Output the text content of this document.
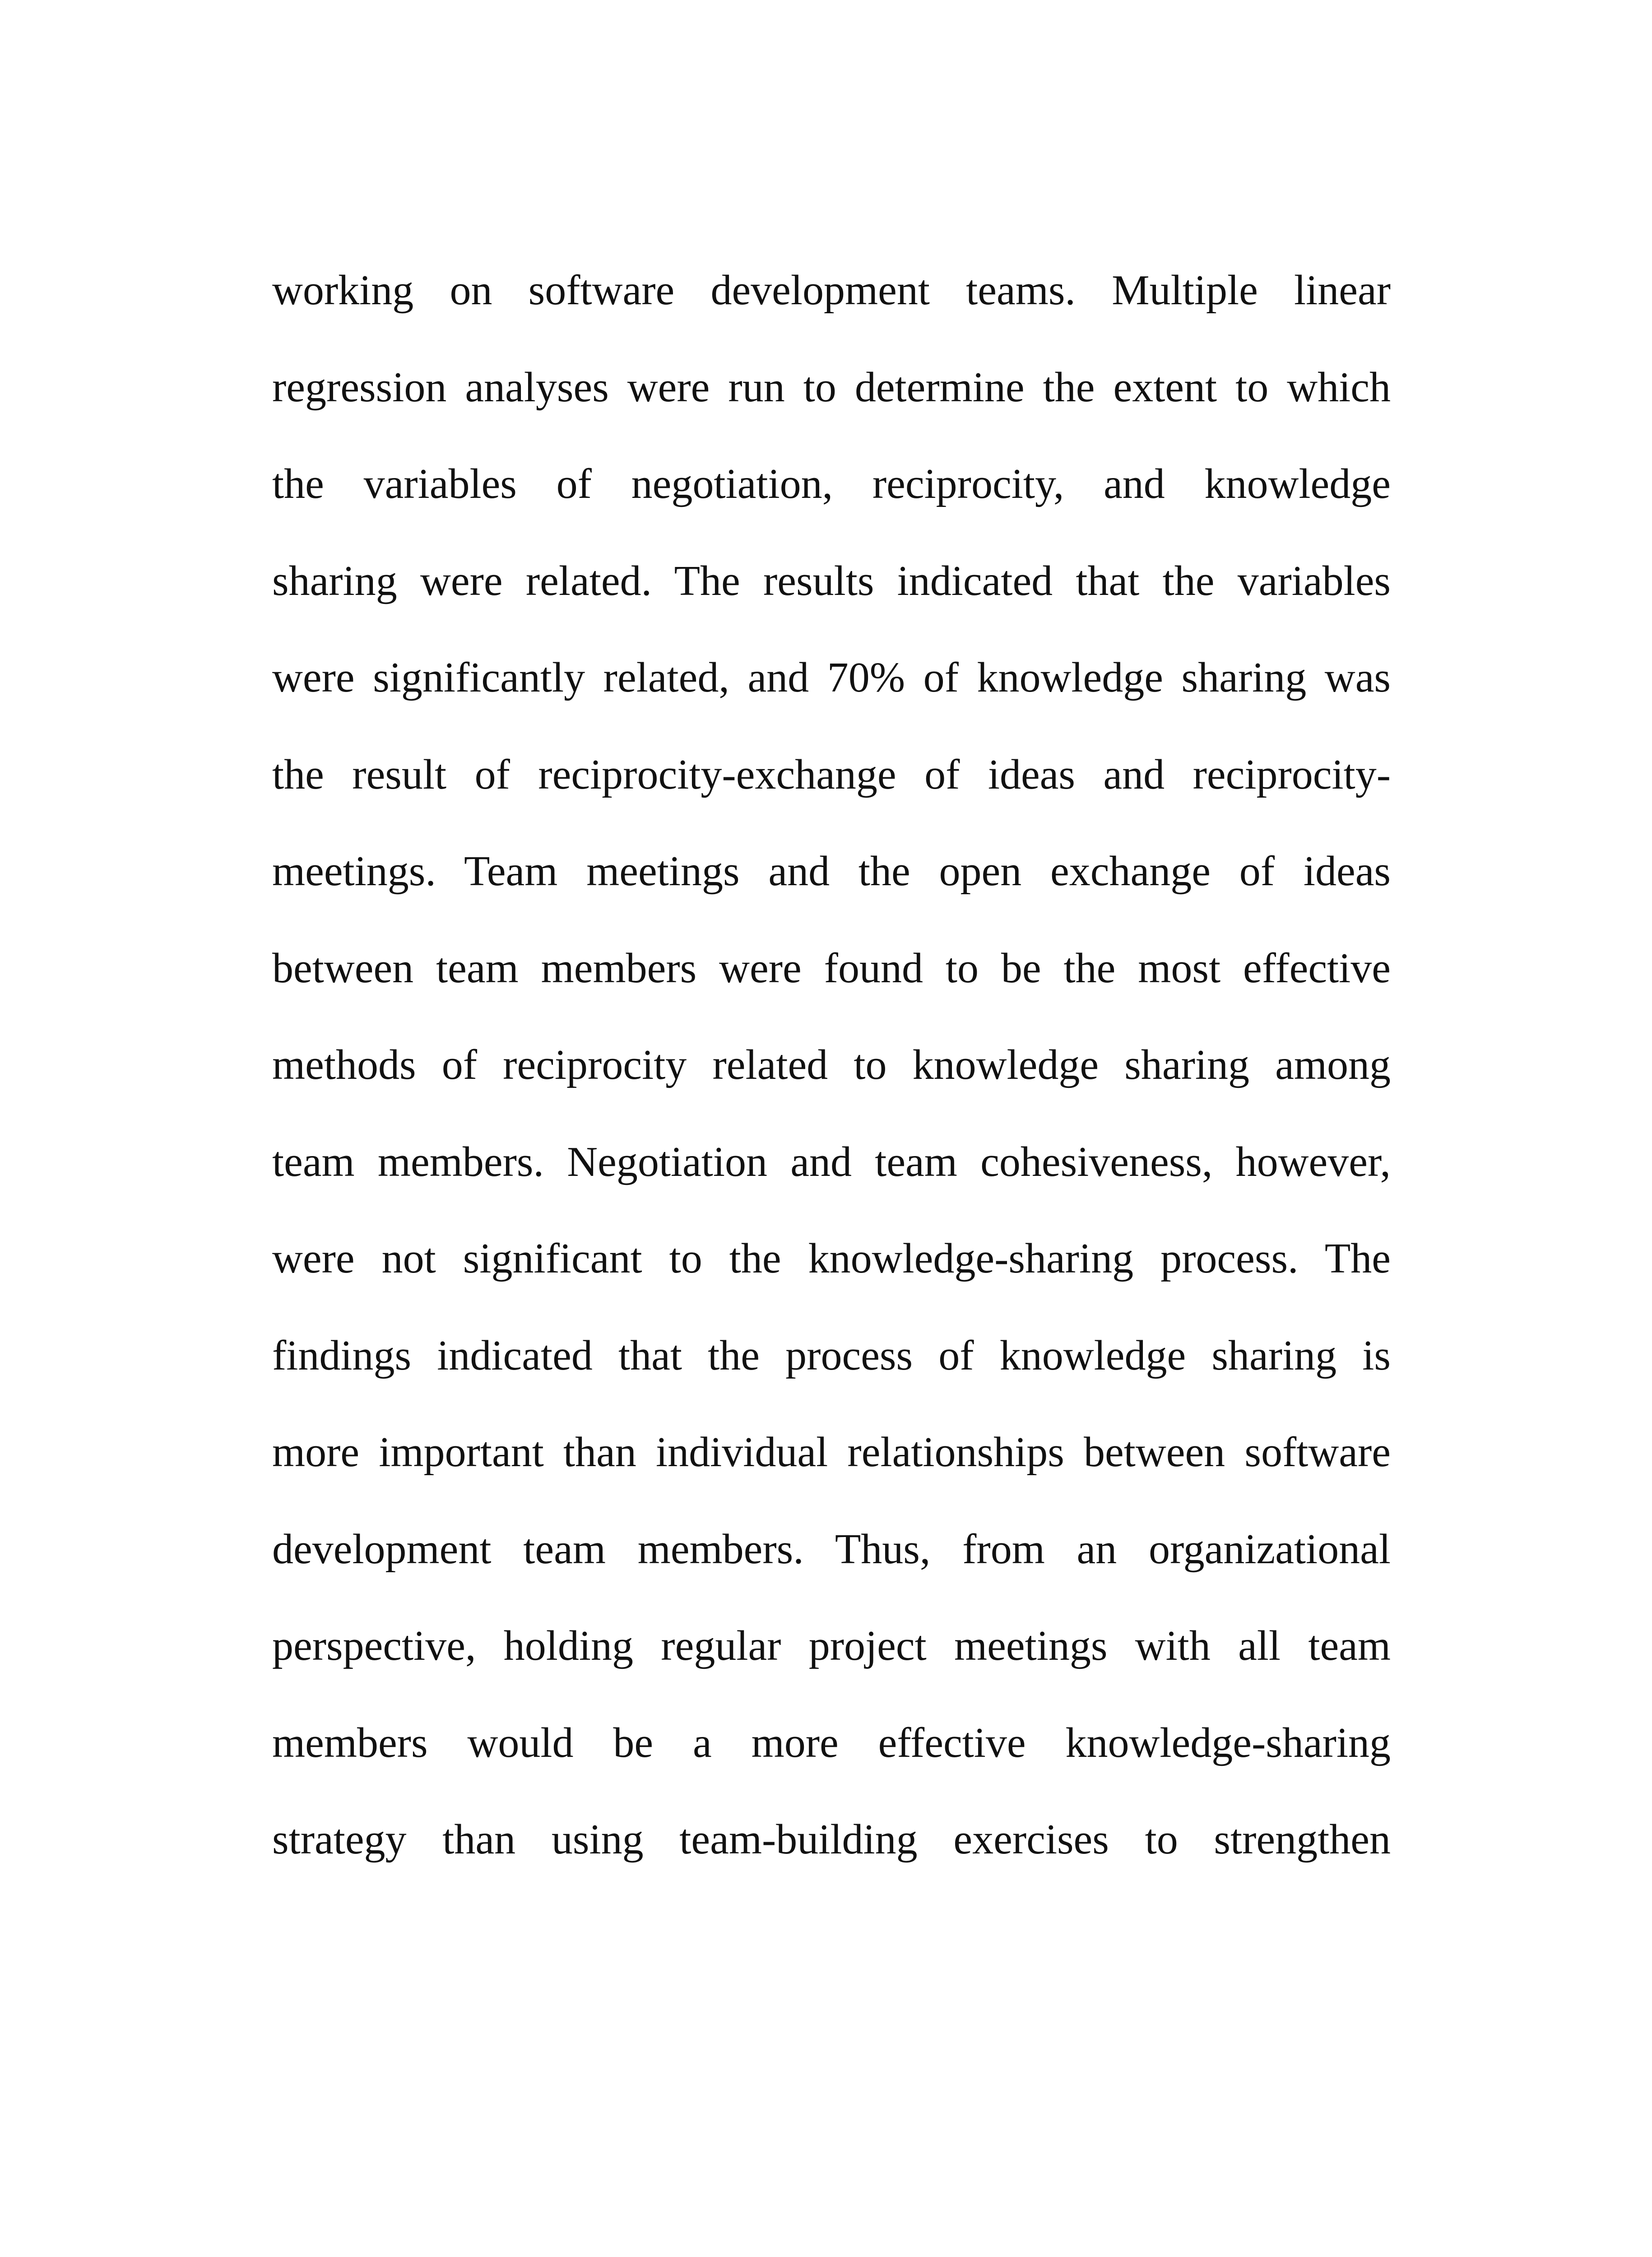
working on software development teams. Multiple linear
regression analyses were run to determine the extent to which
the variables of negotiation, reciprocity, and knowledge
sharing were related. The results indicated that the variables
were significantly related, and 70% of knowledge sharing was
the result of reciprocity-exchange of ideas and reciprocity-
meetings. Team meetings and the open exchange of ideas
between team members were found to be the most effective
methods of reciprocity related to knowledge sharing among
team members. Negotiation and team cohesiveness, however,
were not significant to the knowledge-sharing process. The
findings indicated that the process of knowledge sharing is
more important than individual relationships between software
development team members. Thus, from an organizational
perspective, holding regular project meetings with all team
members would be a more effective knowledge-sharing
strategy than using team-building exercises to strengthen
